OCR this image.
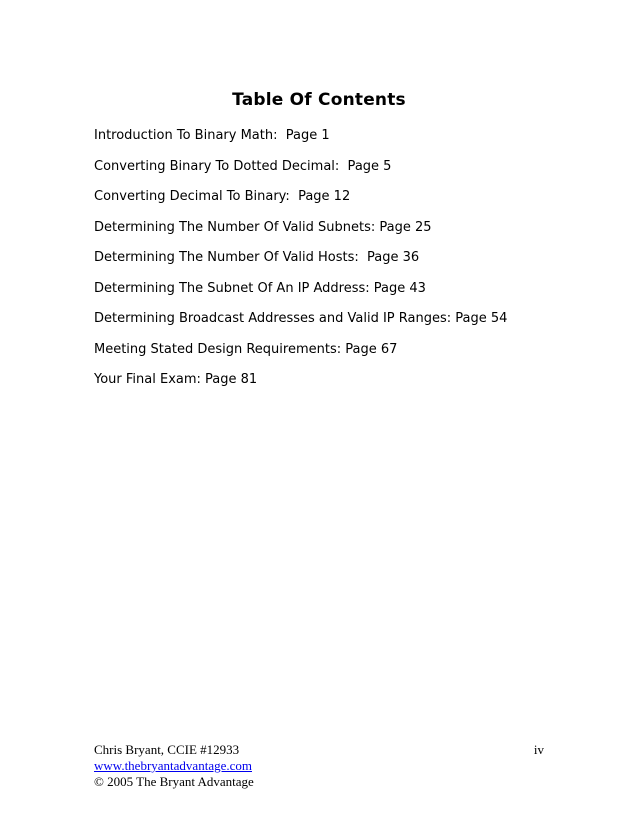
Table Of Contents
Introduction To Binary Math:  Page 1
Converting Binary To Dotted Decimal:  Page 5
Converting Decimal To Binary:  Page 12
Determining The Number Of Valid Subnets: Page 25
Determining The Number Of Valid Hosts:  Page 36
Determining The Subnet Of An IP Address: Page 43
Determining Broadcast Addresses and Valid IP Ranges: Page 54
Meeting Stated Design Requirements: Page 67
Your Final Exam: Page 81
Chris Bryant, CCIE #12933
www.thebryantadvantage.com
© 2005 The Bryant Advantage
iv
